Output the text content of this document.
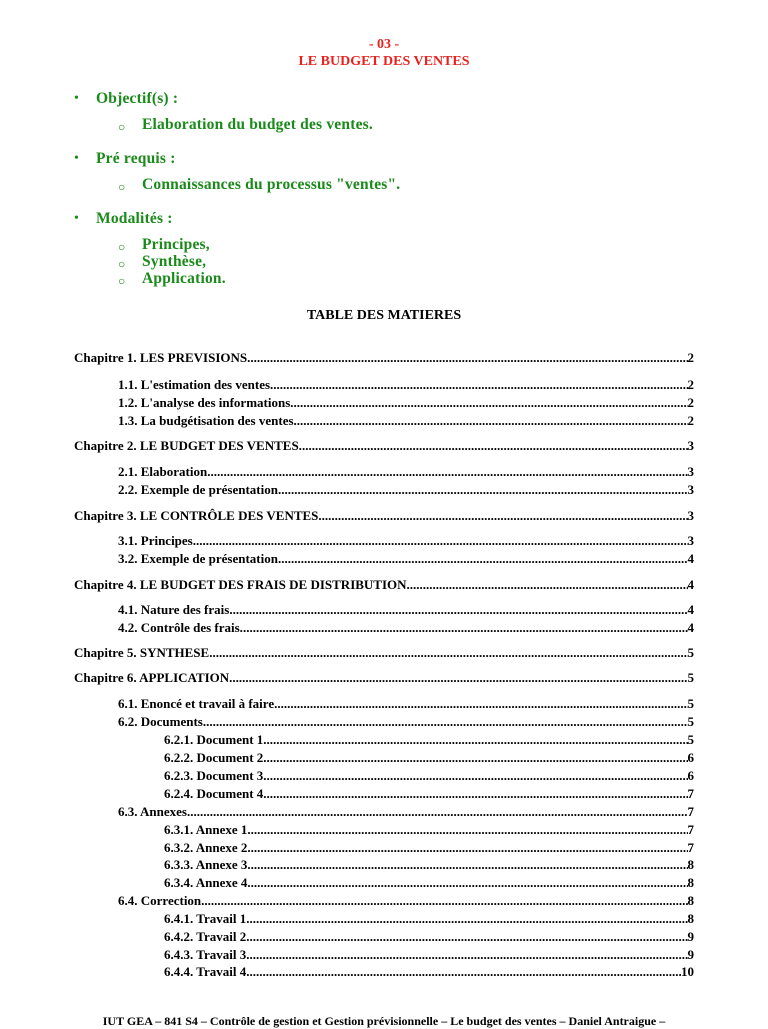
- 03 -
LE BUDGET DES VENTES
• Objectif(s) :
○ Elaboration du budget des ventes.
• Pré requis :
○ Connaissances du processus "ventes".
• Modalités :
○ Principes,
○ Synthèse,
○ Application.
TABLE DES MATIERES
Chapitre 1. LES PREVISIONS. .....	2
1.1. L'estimation des ventes. .....	2
1.2. L'analyse des informations. .....	2
1.3. La budgétisation des ventes. .....	2
Chapitre 2. LE BUDGET DES VENTES. .....	3
2.1. Elaboration. .....	3
2.2. Exemple de présentation .....	3
Chapitre 3. LE CONTRÔLE DES VENTES. .....	3
3.1. Principes. .....	3
3.2. Exemple de présentation .....	4
Chapitre 4. LE BUDGET DES FRAIS DE DISTRIBUTION. .....	4
4.1. Nature des frais .....	4
4.2. Contrôle des frais. .....	4
Chapitre 5. SYNTHESE. .....	5
Chapitre 6. APPLICATION. .....	5
6.1. Enoncé et travail à faire. .....	5
6.2. Documents. .....	5
6.2.1. Document 1. .....	5
6.2.2. Document 2. .....	6
6.2.3. Document 3. .....	6
6.2.4. Document 4. .....	7
6.3. Annexes. .....	7
6.3.1. Annexe 1. .....	7
6.3.2. Annexe 2. .....	7
6.3.3. Annexe 3. .....	8
6.3.4. Annexe 4. .....	8
6.4. Correction. .....	8
6.4.1. Travail 1. .....	8
6.4.2. Travail 2. .....	9
6.4.3. Travail 3. .....	9
6.4.4. Travail 4. .....	10
IUT GEA – 841 S4 – Contrôle de gestion et Gestion prévisionnelle – Le budget des ventes – Daniel Antraigue –
